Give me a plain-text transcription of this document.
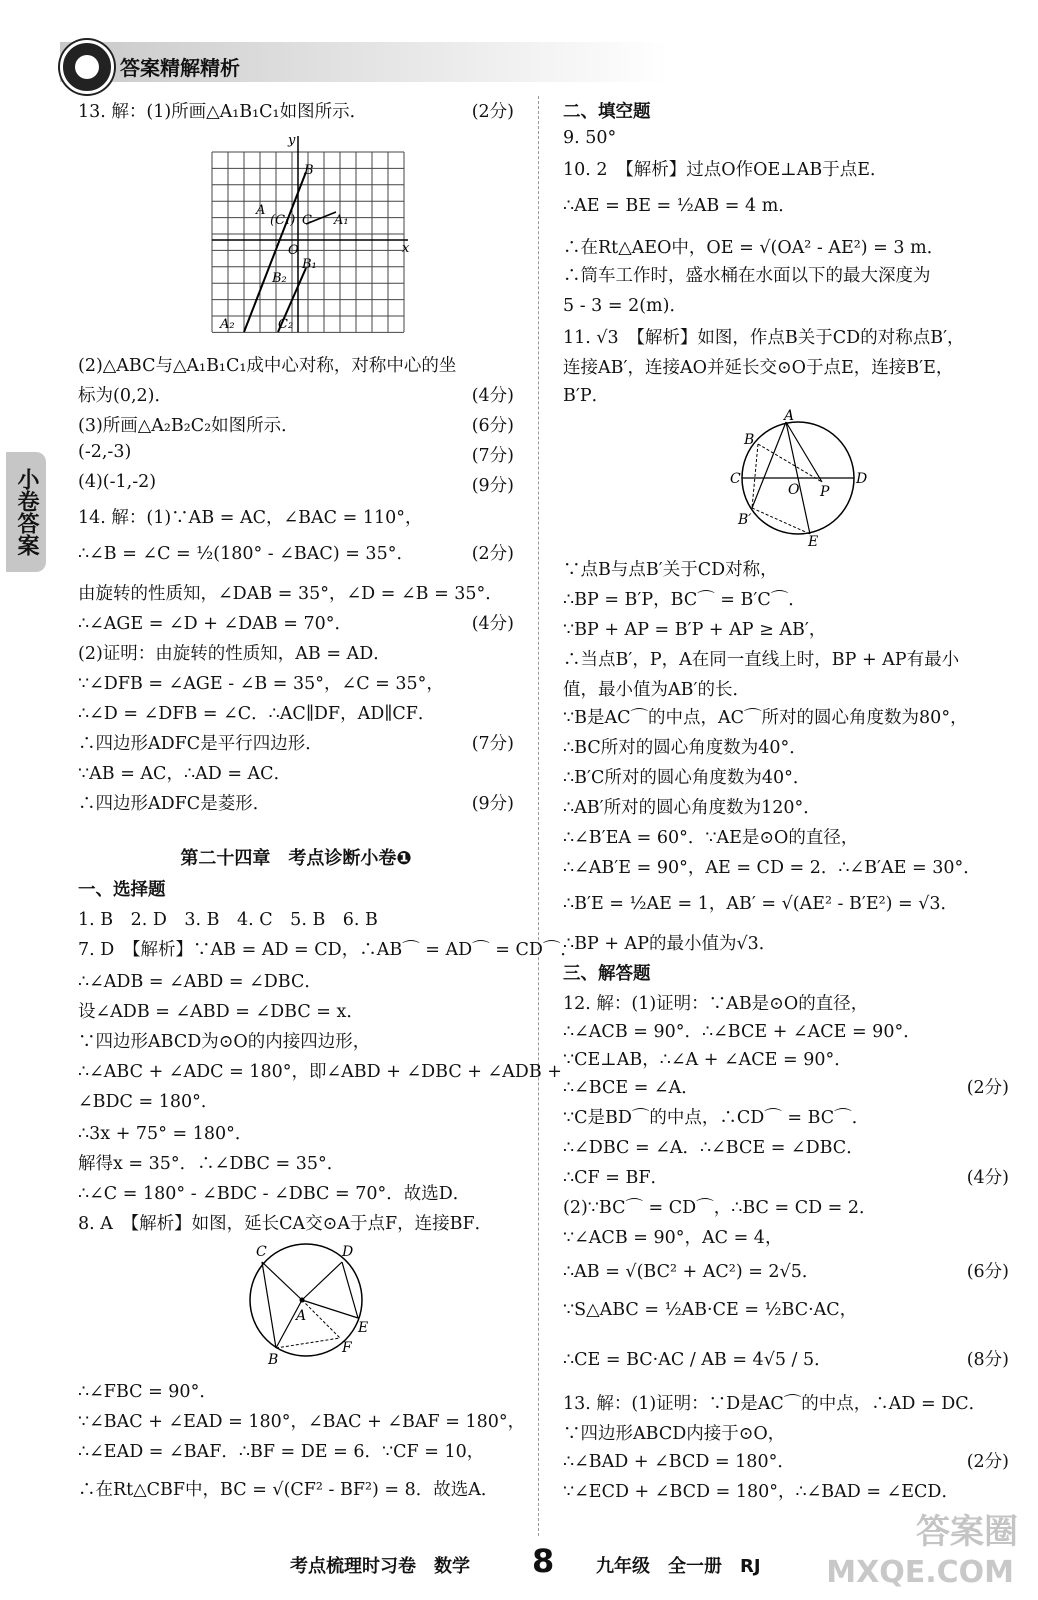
答案精解精析
小卷答案
13. 解：(1)所画△A₁B₁C₁如图所示．	(2分)
(2)△ABC与△A₁B₁C₁成中心对称，对称中心的坐
标为(0,2)．	(4分)
(3)所画△A₂B₂C₂如图所示．	(6分)
(-2,-3)	(7分)
(4)(-1,-2)	(9分)
14. 解：(1)∵AB = AC，∠BAC = 110°，
∴∠B = ∠C = ½(180° - ∠BAC) = 35°．	(2分)
由旋转的性质知，∠DAB = 35°，∠D = ∠B = 35°．
∴∠AGE = ∠D + ∠DAB = 70°．	(4分)
(2)证明：由旋转的性质知，AB = AD．
∵∠DFB = ∠AGE - ∠B = 35°，∠C = 35°，
∴∠D = ∠DFB = ∠C．∴AC∥DF，AD∥CF．
∴四边形ADFC是平行四边形．	(7分)
∵AB = AC，∴AD = AC．
∴四边形ADFC是菱形．	(9分)
第二十四章　考点诊断小卷❶
一、选择题
1. B　2. D　3. B　4. C　5. B　6. B
7. D　【解析】∵AB = AD = CD，∴AB⌒ = AD⌒ = CD⌒．
∴∠ADB = ∠ABD = ∠DBC．
设∠ADB = ∠ABD = ∠DBC = x．
∵四边形ABCD为⊙O的内接四边形，
∴∠ABC + ∠ADC = 180°，即∠ABD + ∠DBC + ∠ADB +
∠BDC = 180°．
∴3x + 75° = 180°．
解得x = 35°．∴∠DBC = 35°．
∴∠C = 180° - ∠BDC - ∠DBC = 70°．故选D．
8. A　【解析】如图，延长CA交⊙A于点F，连接BF．
∴∠FBC = 90°．
∵∠BAC + ∠EAD = 180°，∠BAC + ∠BAF = 180°，
∴∠EAD = ∠BAF．∴BF = DE = 6．∵CF = 10，
∴在Rt△CBF中，BC = √(CF² - BF²) = 8．故选A．
二、填空题
9. 50°
10. 2　【解析】过点O作OE⊥AB于点E．
∴AE = BE = ½AB = 4 m．
∴在Rt△AEO中，OE = √(OA² - AE²) = 3 m．
∴筒车工作时，盛水桶在水面以下的最大深度为
5 - 3 = 2(m)．
11. √3　【解析】如图，作点B关于CD的对称点B′，
连接AB′，连接AO并延长交⊙O于点E，连接B′E，
B′P．
∵点B与点B′关于CD对称，
∴BP = B′P，BC⌒ = B′C⌒．
∵BP + AP = B′P + AP ≥ AB′，
∴当点B′，P，A在同一直线上时，BP + AP有最小
值，最小值为AB′的长．
∵B是AC⌒的中点，AC⌒所对的圆心角度数为80°，
∴BC所对的圆心角度数为40°．
∴B′C所对的圆心角度数为40°．
∴AB′所对的圆心角度数为120°．
∴∠B′EA = 60°．∵AE是⊙O的直径，
∴∠AB′E = 90°，AE = CD = 2．∴∠B′AE = 30°．
∴B′E = ½AE = 1，AB′ = √(AE² - B′E²) = √3．
∴BP + AP的最小值为√3．
三、解答题
12. 解：(1)证明：∵AB是⊙O的直径，
∴∠ACB = 90°．∴∠BCE + ∠ACE = 90°．
∵CE⊥AB，∴∠A + ∠ACE = 90°．
∴∠BCE = ∠A．	(2分)
∵C是BD⌒的中点，∴CD⌒ = BC⌒．
∴∠DBC = ∠A．∴∠BCE = ∠DBC．
∴CF = BF．	(4分)
(2)∵BC⌒ = CD⌒，∴BC = CD = 2．
∵∠ACB = 90°，AC = 4，
∴AB = √(BC² + AC²) = 2√5．	(6分)
∵S△ABC = ½AB·CE = ½BC·AC，
∴CE = BC·AC / AB = 4√5 / 5．	(8分)
13. 解：(1)证明：∵D是AC⌒的中点，∴AD = DC．
∵四边形ABCD内接于⊙O，
∴∠BAD + ∠BCD = 180°．	(2分)
∵∠ECD + ∠BCD = 180°，∴∠BAD = ∠ECD．
y
x
B
A
(C₁) C A₁
O
B₁
B₂
A₂	C₂
A
B
C	D
O P
B′
E
C	D
A
E
F
B
考点梳理时习卷　数学 8 九年级　全一册　RJ
答案圈
MXQE.COM
